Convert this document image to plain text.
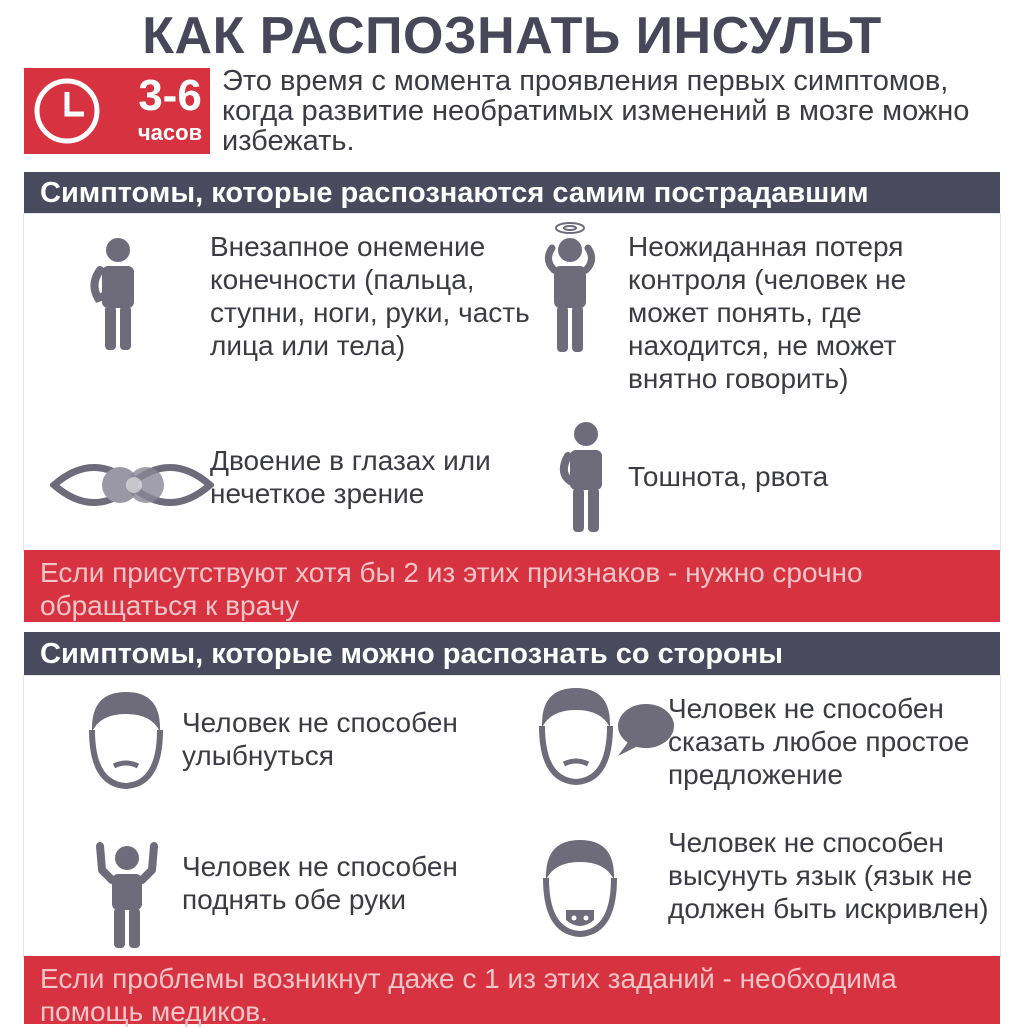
КАК РАСПОЗНАТЬ ИНСУЛЬТ
3-6
часов
Это время с момента проявления первых симптомов, когда развитие необратимых изменений в мозге можно избежать.
Симптомы, которые распознаются самим пострадавшим
Внезапное онемение конечности (пальца, ступни, ноги, руки, часть лица или тела)
Неожиданная потеря контроля (человек не может понять, где находится, не может внятно говорить)
Двоение в глазах или нечеткое зрение
Тошнота, рвота
Если присутствуют хотя бы 2 из этих признаков - нужно срочно обращаться к врачу
Симптомы, которые можно распознать со стороны
Человек не способен улыбнуться
Человек не способен сказать любое простое предложение
Человек не способен поднять обе руки
Человек не способен высунуть язык (язык не должен быть искривлен)
Если проблемы возникнут даже с 1 из этих заданий - необходима помощь медиков.
